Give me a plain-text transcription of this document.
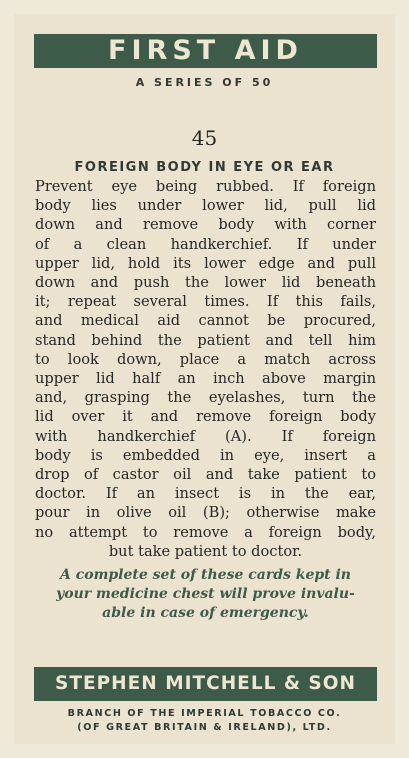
FIRST AID
A SERIES OF 50
45
FOREIGN BODY IN EYE OR EAR
Prevent eye being rubbed. If foreign
body lies under lower lid, pull lid
down and remove body with corner
of a clean handkerchief. If under
upper lid, hold its lower edge and pull
down and push the lower lid beneath
it; repeat several times. If this fails,
and medical aid cannot be procured,
stand behind the patient and tell him
to look down, place a match across
upper lid half an inch above margin
and, grasping the eyelashes, turn the
lid over it and remove foreign body
with handkerchief (A). If foreign
body is embedded in eye, insert a
drop of castor oil and take patient to
doctor. If an insect is in the ear,
pour in olive oil (B); otherwise make
no attempt to remove a foreign body,
but take patient to doctor.
A complete set of these cards kept in
your medicine chest will prove invalu-
able in case of emergency.
STEPHEN MITCHELL & SON
BRANCH OF THE IMPERIAL TOBACCO CO.
(OF GREAT BRITAIN & IRELAND), LTD.
